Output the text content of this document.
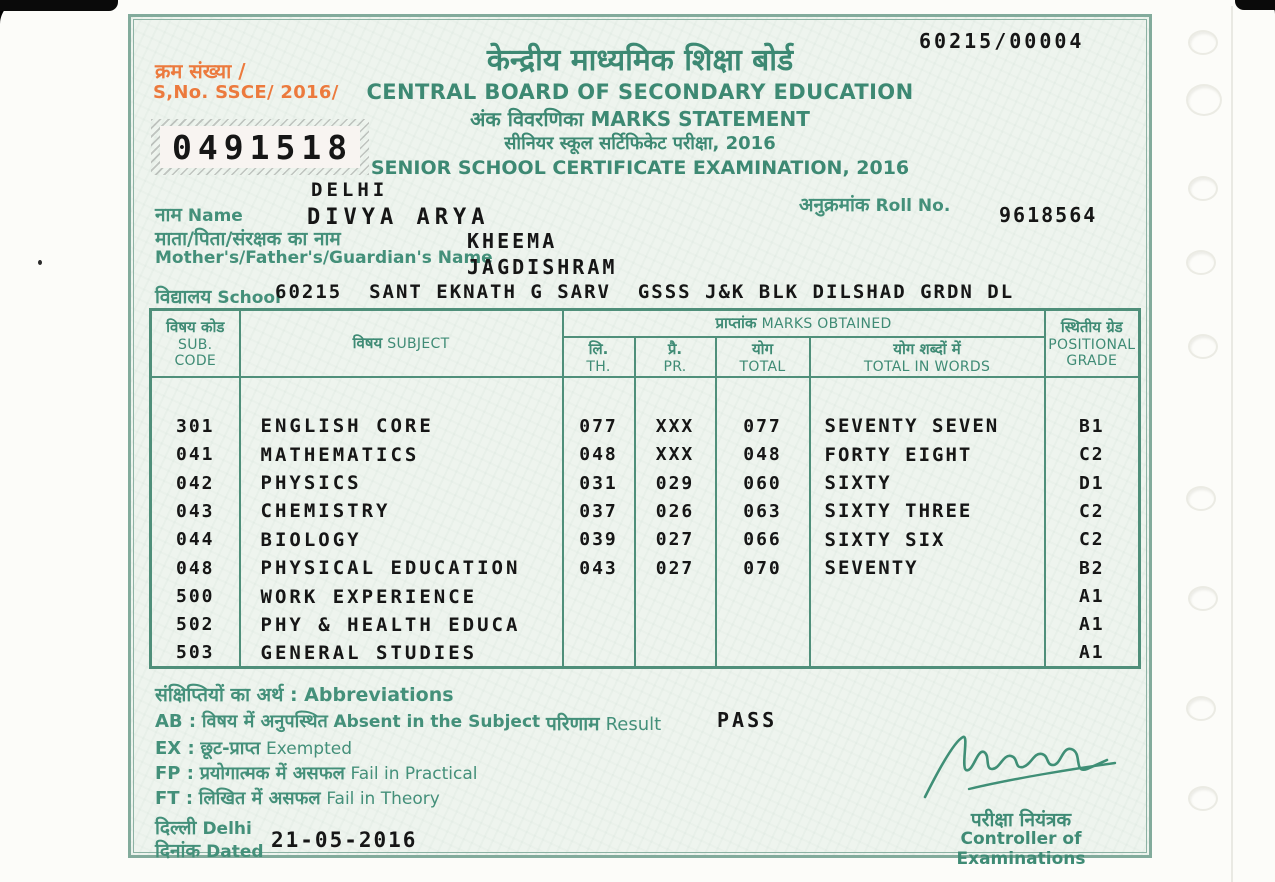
60215/00004
केन्द्रीय माध्यमिक शिक्षा बोर्ड
CENTRAL BOARD OF SECONDARY EDUCATION
अंक विवरणिका MARKS STATEMENT
सीनियर स्कूल सर्टिफिकेट परीक्षा, 2016
SENIOR SCHOOL CERTIFICATE EXAMINATION, 2016
क्रम संख्या /
S,No. SSCE/ 2016/
0491518
DELHI
नाम Name	DIVYA ARYA	अनुक्रमांक Roll No. 9618564
माता/पिता/संरक्षक का नाम
Mother's/Father's/Guardian's Name
KHEEMA
JAGDISHRAM
विद्यालय School
60215  SANT EKNATH G SARV  GSSS J&K BLK DILSHAD GRDN DL
विषय कोड
SUB.
CODE
	विषय SUBJECT	प्राप्तांक MARKS OBTAINED	स्थितीय ग्रेड
POSITIONAL
GRADE

लि.
TH.

प्रै.
PR.

योग
TOTAL

योग शब्दों में
TOTAL IN WORDS

301	ENGLISH CORE	077	XXX	077	SEVENTY SEVEN	B1
041	MATHEMATICS	048	XXX	048	FORTY EIGHT	C2
042	PHYSICS	031	029	060	SIXTY	D1
043	CHEMISTRY	037	026	063	SIXTY THREE	C2
044	BIOLOGY	039	027	066	SIXTY SIX	C2
048	PHYSICAL EDUCATION	043	027	070	SEVENTY	B2
500	WORK EXPERIENCE					A1
502	PHY & HEALTH EDUCA					A1
503	GENERAL STUDIES					A1
संक्षिप्तियों का अर्थ : Abbreviations
AB : विषय में अनुपस्थित Absent in the Subject
EX : छूट-प्राप्त Exempted
FP : प्रयोगात्मक में असफल Fail in Practical
FT : लिखित में असफल Fail in Theory
परिणाम Result	PASS
दिल्ली Delhi
दिनांक Dated 21-05-2016
परीक्षा नियंत्रक
Controller of Examinations
